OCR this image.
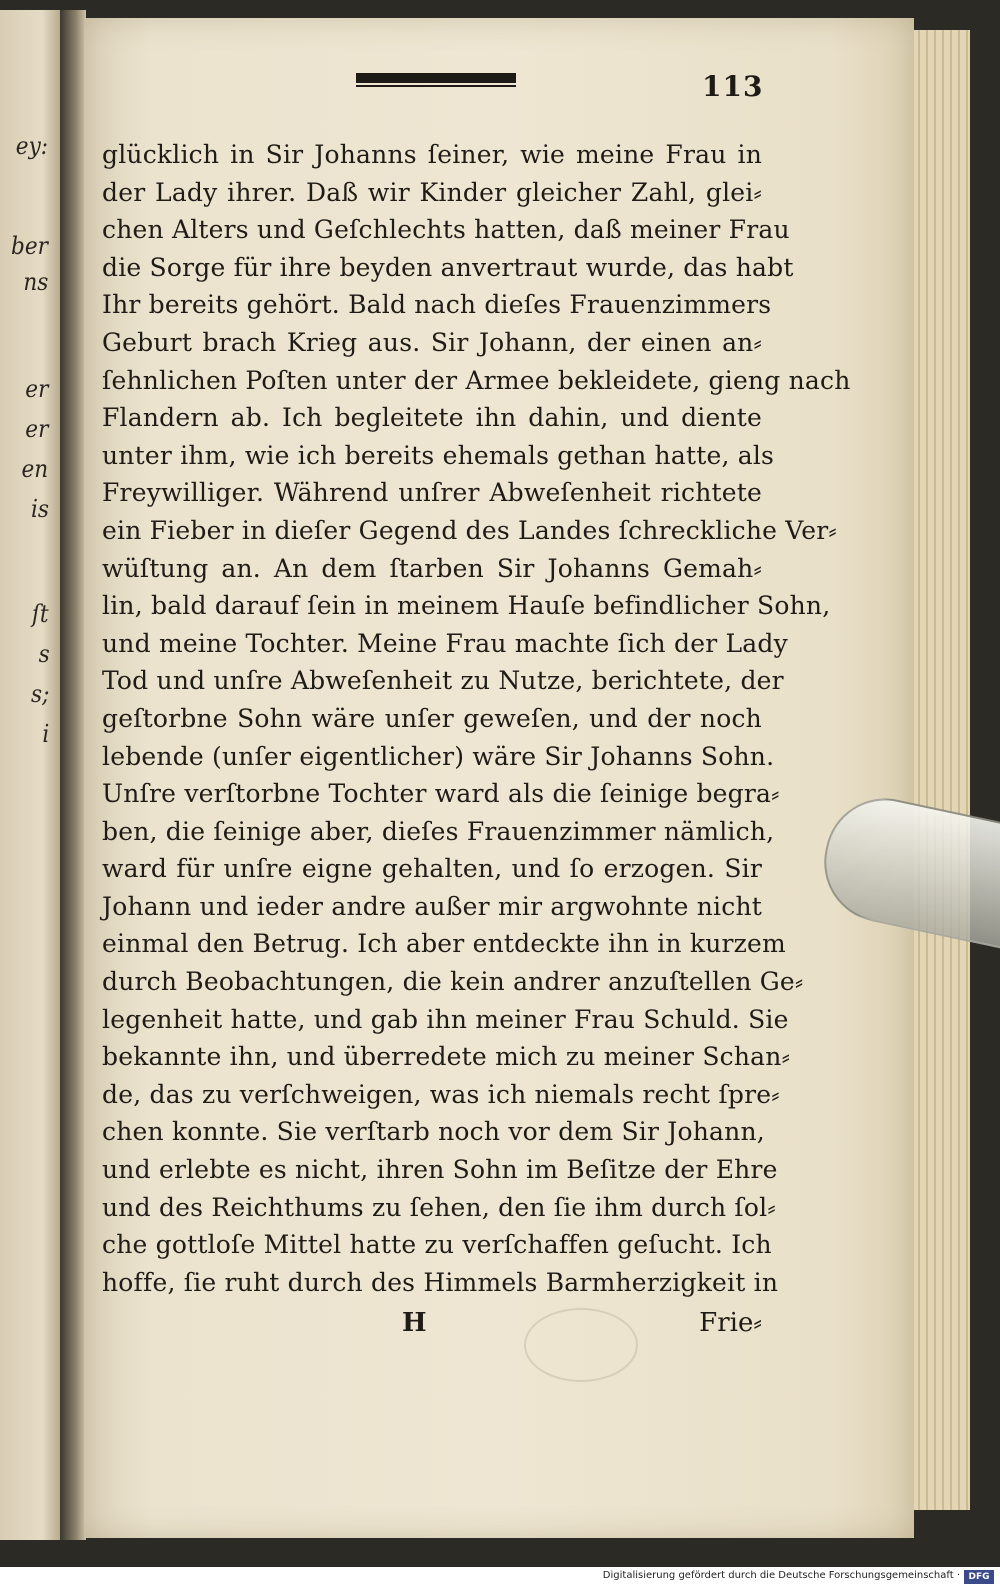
ey:
ber
ns
er
er
en
is
ſt
s
s;
i
113
glücklich in Sir Johanns ſeiner, wie meine Frau in
der Lady ihrer. Daß wir Kinder gleicher Zahl, glei⸗
chen Alters und Geſchlechts hatten, daß meiner Frau
die Sorge für ihre beyden anvertraut wurde, das habt
Ihr bereits gehört. Bald nach dieſes Frauenzimmers
Geburt brach Krieg aus. Sir Johann, der einen an⸗
ſehnlichen Poſten unter der Armee bekleidete, gieng nach
Flandern ab. Ich begleitete ihn dahin, und diente
unter ihm, wie ich bereits ehemals gethan hatte, als
Freywilliger. Während unſrer Abweſenheit richtete
ein Fieber in dieſer Gegend des Landes ſchreckliche Ver⸗
wüſtung an. An dem ſtarben Sir Johanns Gemah⸗
lin, bald darauf ſein in meinem Hauſe befindlicher Sohn,
und meine Tochter. Meine Frau machte ſich der Lady
Tod und unſre Abweſenheit zu Nutze, berichtete, der
geſtorbne Sohn wäre unſer geweſen, und der noch
lebende (unſer eigentlicher) wäre Sir Johanns Sohn.
Unſre verſtorbne Tochter ward als die ſeinige begra⸗
ben, die ſeinige aber, dieſes Frauenzimmer nämlich,
ward für unſre eigne gehalten, und ſo erzogen. Sir
Johann und ieder andre außer mir argwohnte nicht
einmal den Betrug. Ich aber entdeckte ihn in kurzem
durch Beobachtungen, die kein andrer anzuſtellen Ge⸗
legenheit hatte, und gab ihn meiner Frau Schuld. Sie
bekannte ihn, und überredete mich zu meiner Schan⸗
de, das zu verſchweigen, was ich niemals recht ſpre⸗
chen konnte. Sie verſtarb noch vor dem Sir Johann,
und erlebte es nicht, ihren Sohn im Beſitze der Ehre
und des Reichthums zu ſehen, den ſie ihm durch ſol⸗
che gottloſe Mittel hatte zu verſchaffen geſucht. Ich
hoffe, ſie ruht durch des Himmels Barmherzigkeit in
H	Frie⸗
Digitalisierung gefördert durch die Deutsche Forschungsgemeinschaft · DFG
